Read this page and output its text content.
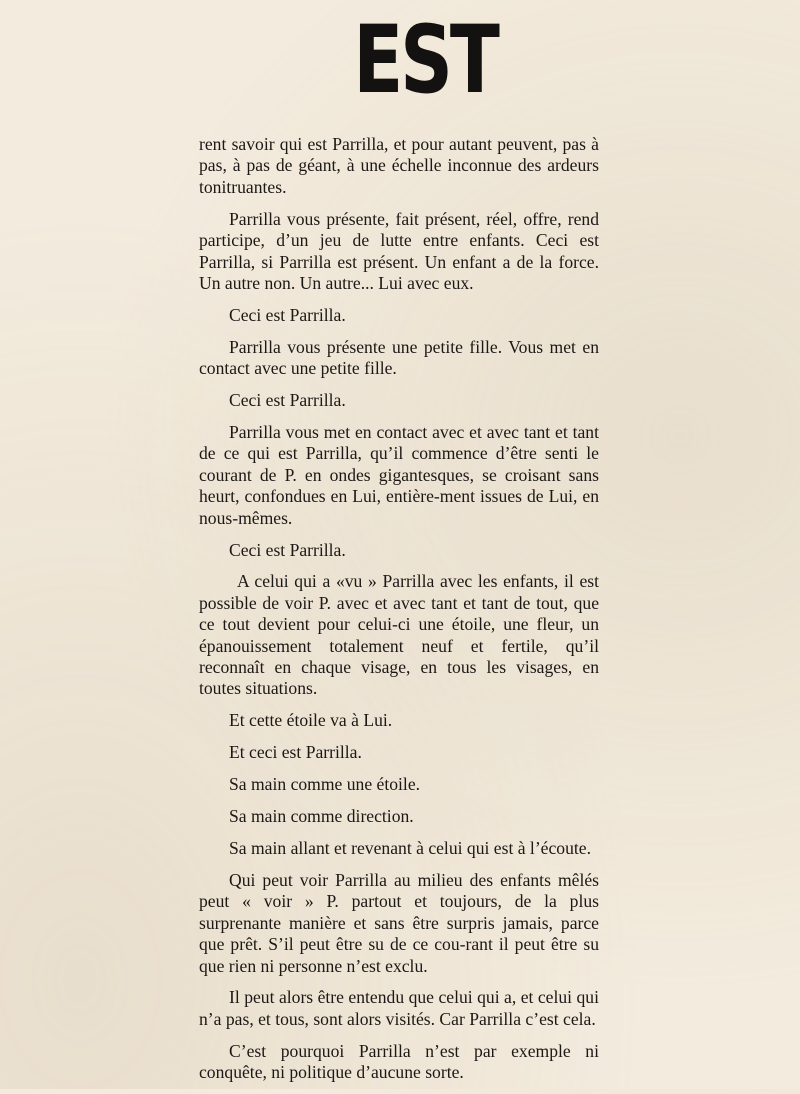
EST

rent savoir qui est Parrilla, et pour autant peuvent, pas à pas, à pas de géant, à une échelle inconnue des ardeurs tonitruantes.

Parrilla vous présente, fait présent, réel, offre, rend participe, d’un jeu de lutte entre enfants. Ceci est Parrilla, si Parrilla est présent. Un enfant a de la force. Un autre non. Un autre... Lui avec eux.

Ceci est Parrilla.

Parrilla vous présente une petite fille. Vous met en contact avec une petite fille.

Ceci est Parrilla.

Parrilla vous met en contact avec et avec tant et tant de ce qui est Parrilla, qu’il commence d’être senti le courant de P. en ondes gigantesques, se croisant sans heurt, confondues en Lui, entière-ment issues de Lui, en nous-mêmes.

Ceci est Parrilla.

A celui qui a «vu » Parrilla avec les enfants, il est possible de voir P. avec et avec tant et tant de tout, que ce tout devient pour celui-ci une étoile, une fleur, un épanouissement totalement neuf et fertile, qu’il reconnaît en chaque visage, en tous les visages, en toutes situations.

Et cette étoile va à Lui.

Et ceci est Parrilla.

Sa main comme une étoile.

Sa main comme direction.

Sa main allant et revenant à celui qui est à l’écoute.

Qui peut voir Parrilla au milieu des enfants mêlés peut « voir » P. partout et toujours, de la plus surprenante manière et sans être surpris jamais, parce que prêt. S’il peut être su de ce cou-rant il peut être su que rien ni personne n’est exclu.

Il peut alors être entendu que celui qui a, et celui qui n’a pas, et tous, sont alors visités. Car Parrilla c’est cela.

C’est pourquoi Parrilla n’est par exemple ni conquête, ni politique d’aucune sorte.
